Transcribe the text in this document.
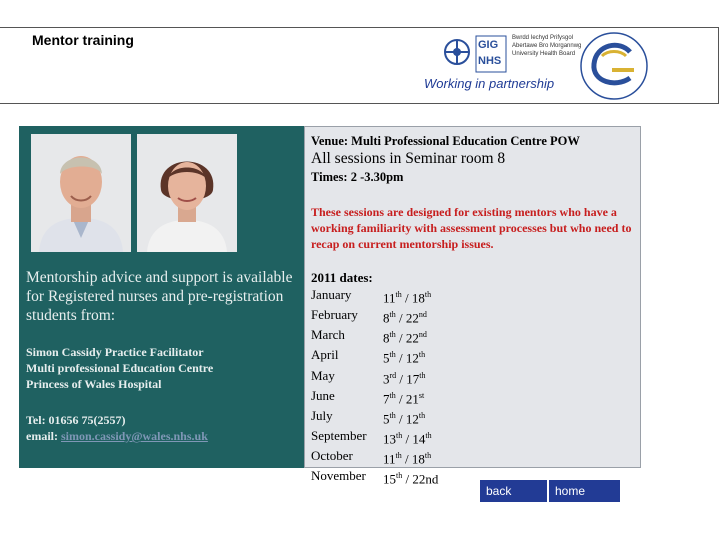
Mentor training	GIG
NHS
Bwrdd Iechyd Prifysgol
Abertawe Bro Morgannwg
University Health Board
Working in partnership
Mentorship advice and support is available for Registered nurses and pre-registration students from:
Simon Cassidy Practice Facilitator
Multi professional Education Centre
Princess of Wales Hospital
Tel: 01656 75(2557)
email: simon.cassidy@wales.nhs.uk
Venue: Multi Professional Education Centre POW
All sessions in Seminar room 8
Times: 2 -3.30pm
These sessions are designed for existing mentors who have a working familiarity with assessment processes but who need to recap on current mentorship issues.
2011 dates:
January	11th / 18th
February	8th / 22nd
March	8th / 22nd
April	5th / 12th
May	3rd / 17th
June	7th / 21st
July	5th / 12th
September	13th / 14th
October	11th / 18th
November	15th / 22nd
back	home
